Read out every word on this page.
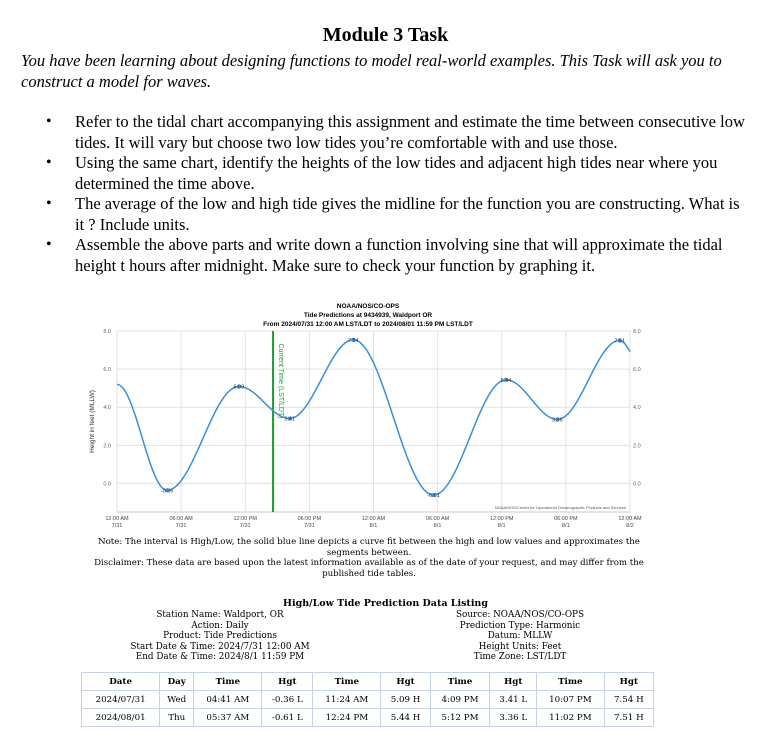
Module 3 Task
You have been learning about designing functions to model real-world examples. This Task will ask you to construct a model for waves.
• Refer to the tidal chart accompanying this assignment and estimate the time between consecutive low tides. It will vary but choose two low tides you’re comfortable with and use those.
• Using the same chart, identify the heights of the low tides and adjacent high tides near where you determined the time above.
• The average of the low and high tide gives the midline for the function you are constructing. What is it ? Include units.
• Assemble the above parts and write down a function involving sine that will approximate the tidal height t hours after midnight. Make sure to check your function by graphing it.
NOAA/NOS/CO-OPS
Tide Predictions at 9434939, Waldport OR
From 2024/07/31 12:00 AM LST/LDT to 2024/08/01 11:59 PM LST/LDT
8.0	8.0
6.0	6.0
4.0	4.0
2.0	2.0
0.0	0.0
12:00 AM
7/31
06:00 AM
7/31
12:00 PM
7/31
06:00 PM
7/31
12:00 AM
8/1
06:00 AM
8/1
12:00 PM
8/1
06:00 PM
8/1
12:00 AM
8/2
Height in feet (MLLW)
Current Time (LST/LDT)
-0.36
5.09
3.41
7.54
-0.61
5.44
3.36
7.51
NOAA/NOS/Center for Operational Oceanographic Products and Services
Note: The interval is High/Low, the solid blue line depicts a curve fit between the high and low values and approximates the segments between.
Disclaimer: These data are based upon the latest information available as of the date of your request, and may differ from the published tide tables.
High/Low Tide Prediction Data Listing
Station Name: Waldport, OR
Action: Daily
Product: Tide Predictions
Start Date & Time: 2024/7/31 12:00 AM
End Date & Time: 2024/8/1 11:59 PM
Source: NOAA/NOS/CO-OPS
Prediction Type: Harmonic
Datum: MLLW
Height Units: Feet
Time Zone: LST/LDT
Date	Day	Time	Hgt	Time	Hgt	Time	Hgt	Time	Hgt
2024/07/31	Wed	04:41 AM	-0.36 L	11:24 AM	5.09 H	4:09 PM	3.41 L	10:07 PM	7.54 H
2024/08/01	Thu	05:37 AM	-0.61 L	12:24 PM	5.44 H	5:12 PM	3.36 L	11:02 PM	7.51 H
